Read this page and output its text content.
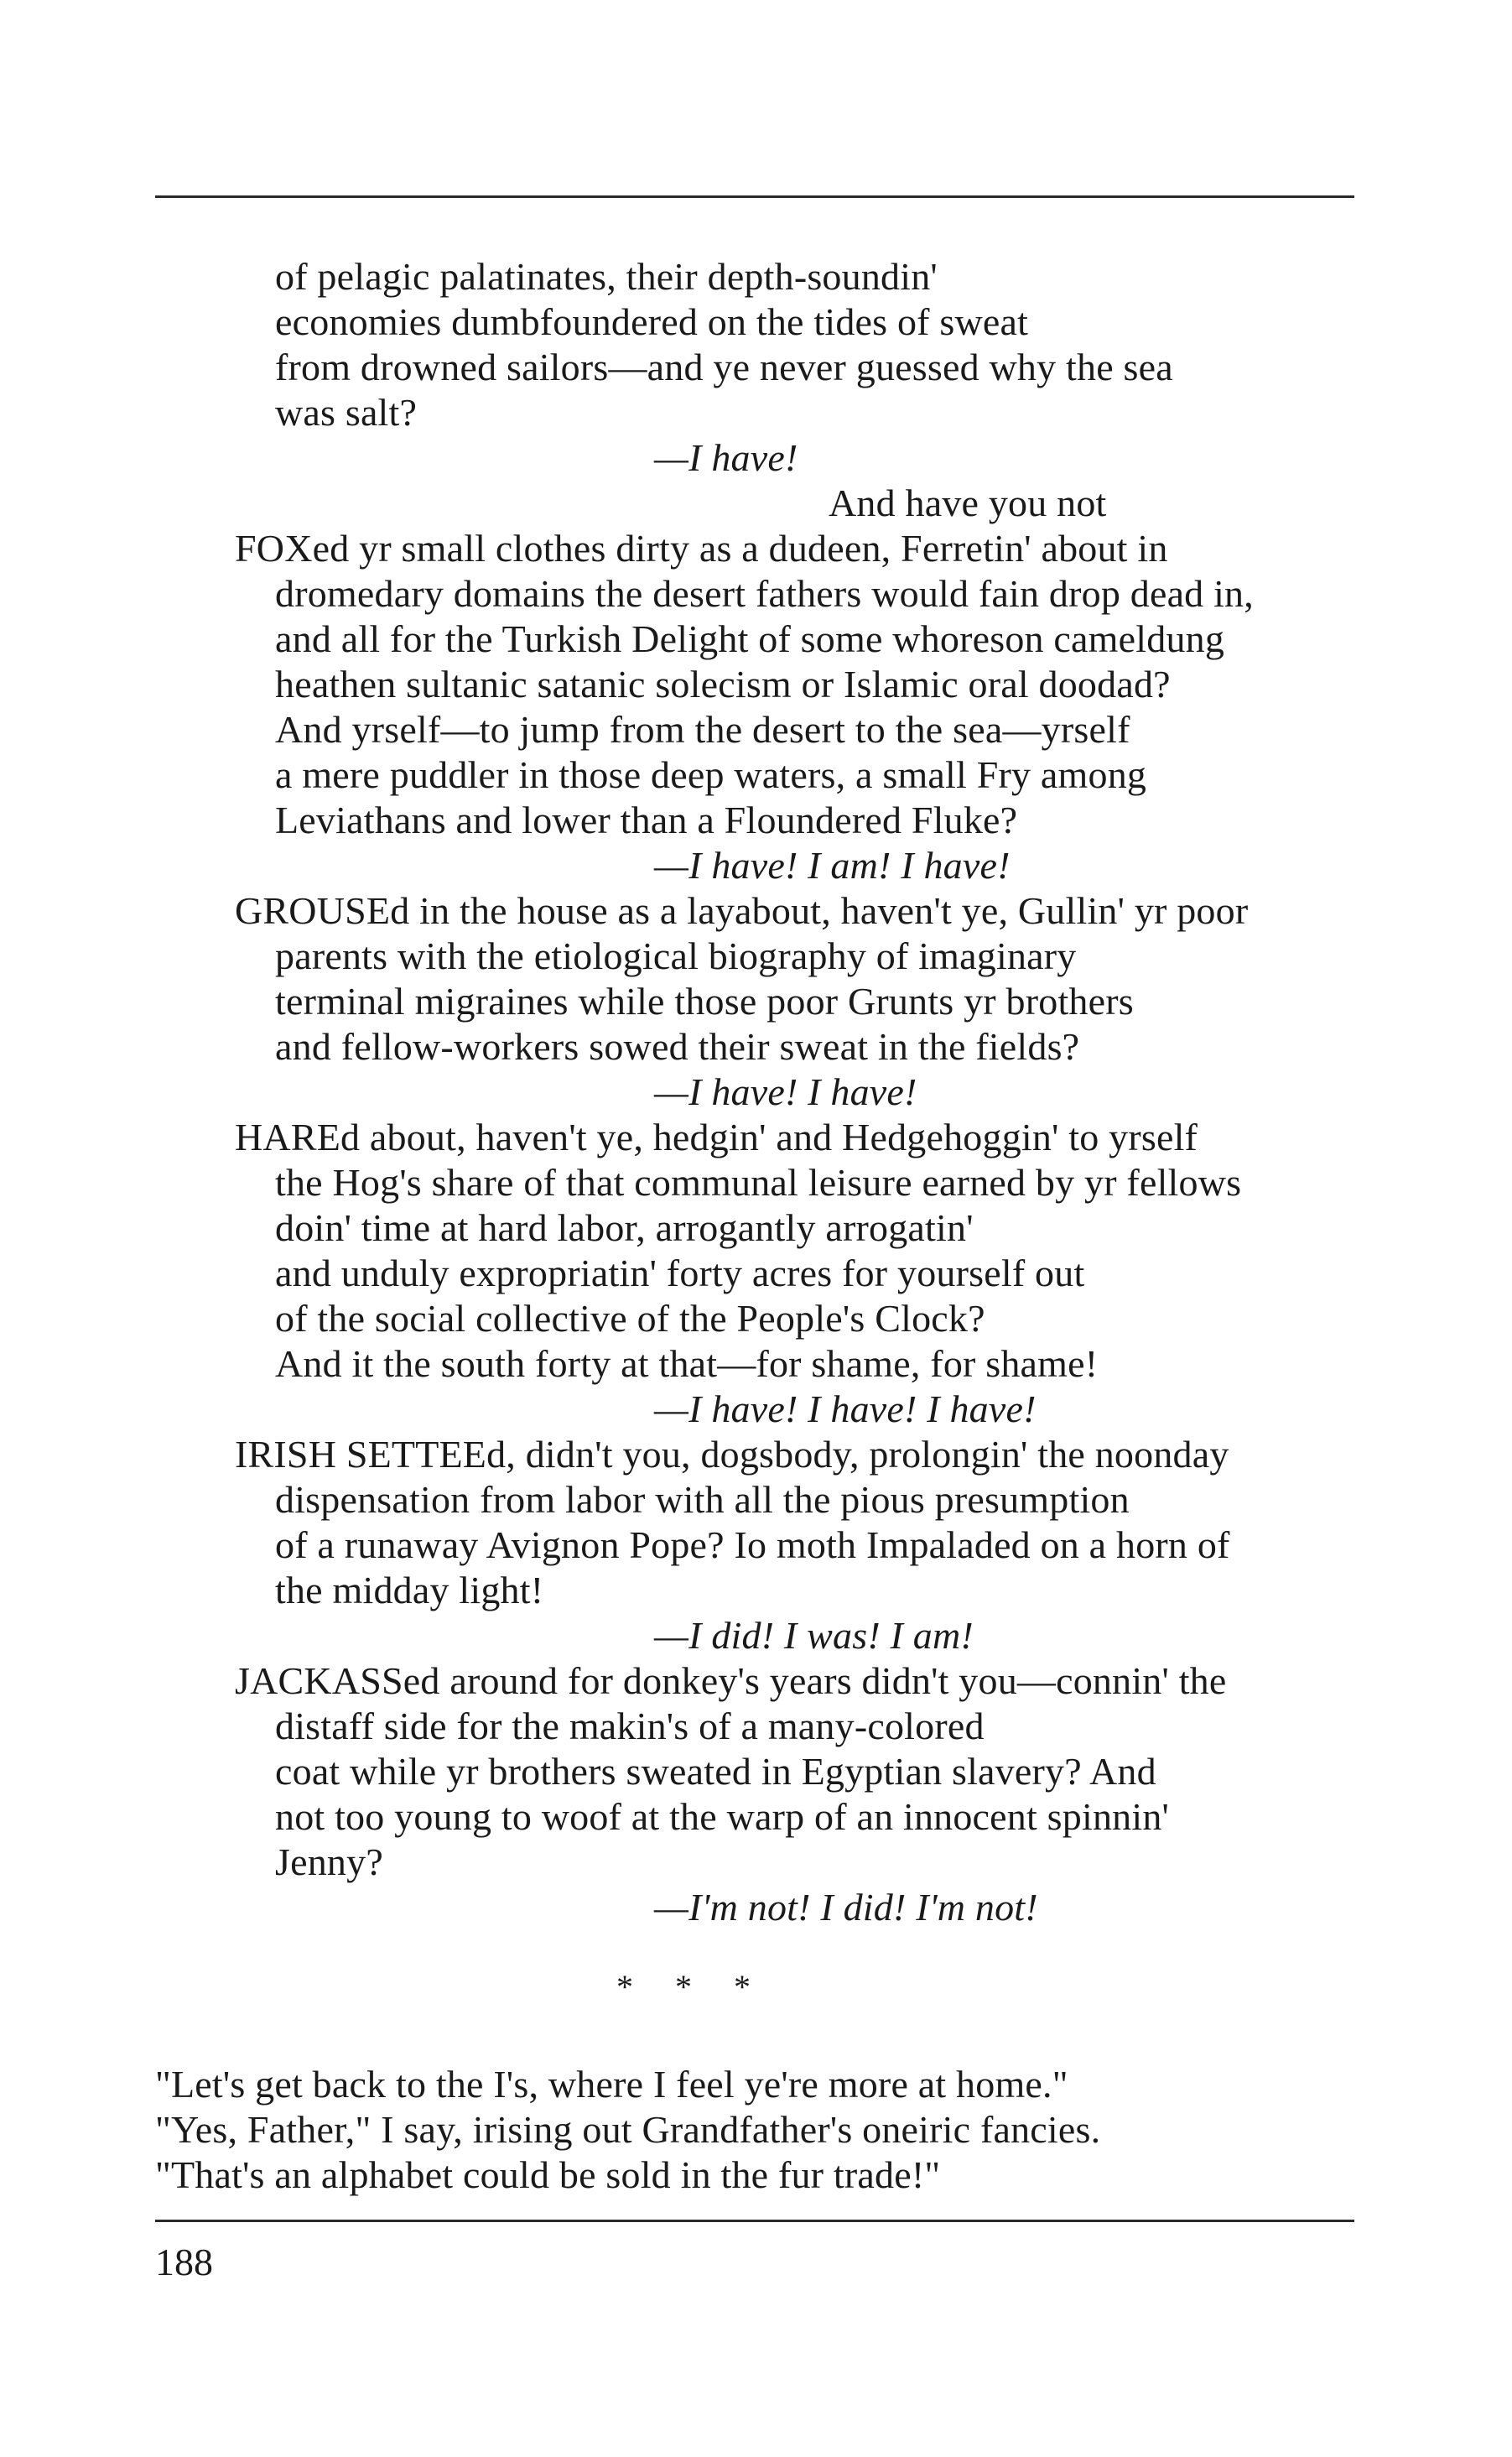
of pelagic palatinates, their depth-soundin'
economies dumbfoundered on the tides of sweat
from drowned sailors—and ye never guessed why the sea
was salt?
—I have!
And have you not
FOXed yr small clothes dirty as a dudeen, Ferretin' about in
dromedary domains the desert fathers would fain drop dead in,
and all for the Turkish Delight of some whoreson cameldung
heathen sultanic satanic solecism or Islamic oral doodad?
And yrself—to jump from the desert to the sea—yrself
a mere puddler in those deep waters, a small Fry among
Leviathans and lower than a Floundered Fluke?
—I have! I am! I have!
GROUSEd in the house as a layabout, haven't ye, Gullin' yr poor
parents with the etiological biography of imaginary
terminal migraines while those poor Grunts yr brothers
and fellow-workers sowed their sweat in the fields?
—I have! I have!
HAREd about, haven't ye, hedgin' and Hedgehoggin' to yrself
the Hog's share of that communal leisure earned by yr fellows
doin' time at hard labor, arrogantly arrogatin'
and unduly expropriatin' forty acres for yourself out
of the social collective of the People's Clock?
And it the south forty at that—for shame, for shame!
—I have! I have! I have!
IRISH SETTEEd, didn't you, dogsbody, prolongin' the noonday
dispensation from labor with all the pious presumption
of a runaway Avignon Pope? Io moth Impaladed on a horn of
the midday light!
—I did! I was! I am!
JACKASSed around for donkey's years didn't you—connin' the
distaff side for the makin's of a many-colored
coat while yr brothers sweated in Egyptian slavery? And
not too young to woof at the warp of an innocent spinnin'
Jenny?
—I'm not! I did! I'm not!
*     *     *
"Let's get back to the I's, where I feel ye're more at home."
"Yes, Father," I say, irising out Grandfather's oneiric fancies.
"That's an alphabet could be sold in the fur trade!"
188
